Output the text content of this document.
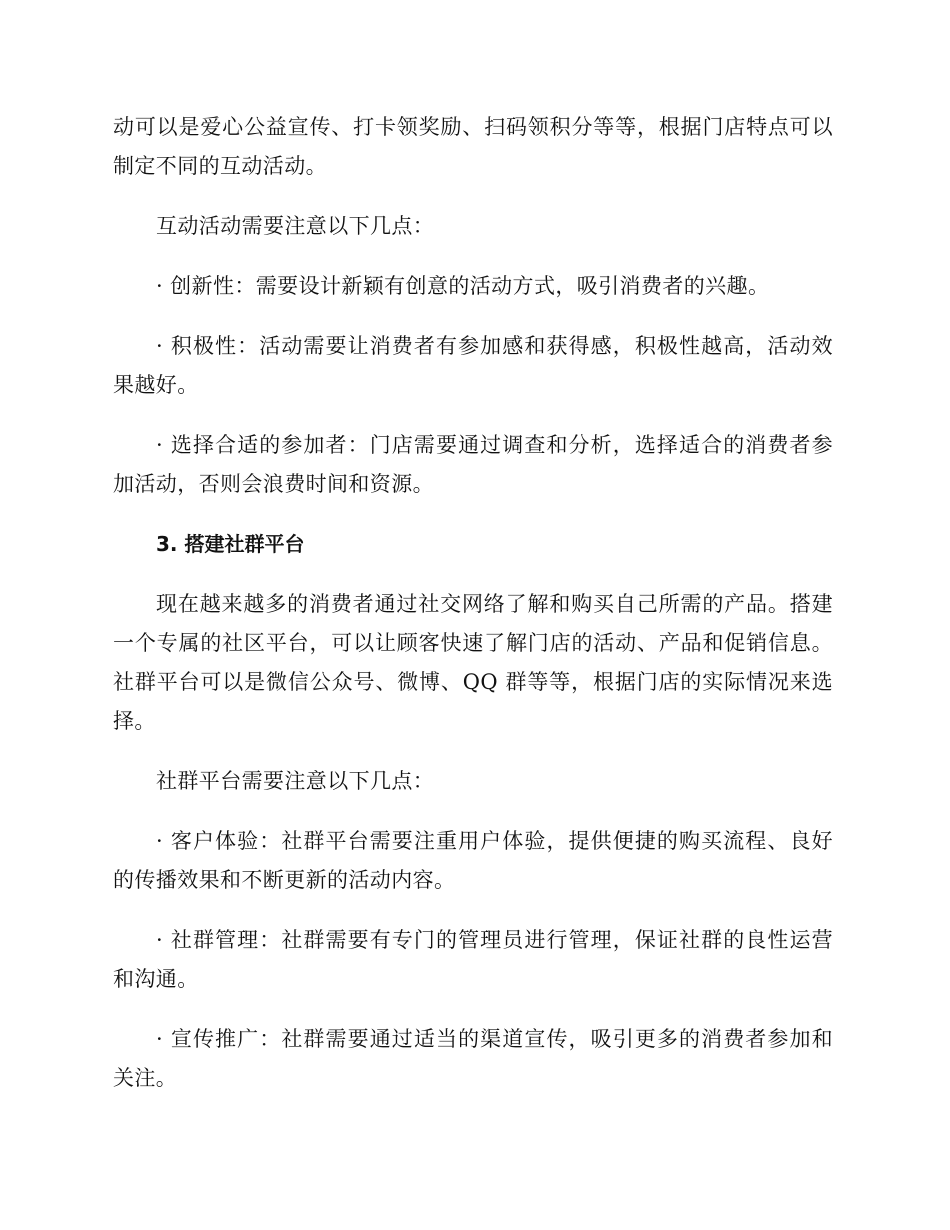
动可以是爱心公益宣传、打卡领奖励、扫码领积分等等，根据门店特点可以制定不同的互动活动。

互动活动需要注意以下几点：

· 创新性：需要设计新颖有创意的活动方式，吸引消费者的兴趣。

· 积极性：活动需要让消费者有参加感和获得感，积极性越高，活动效果越好。

· 选择合适的参加者：门店需要通过调查和分析，选择适合的消费者参加活动，否则会浪费时间和资源。

3. 搭建社群平台

现在越来越多的消费者通过社交网络了解和购买自己所需的产品。搭建一个专属的社区平台，可以让顾客快速了解门店的活动、产品和促销信息。社群平台可以是微信公众号、微博、QQ 群等等，根据门店的实际情况来选择。

社群平台需要注意以下几点：

· 客户体验：社群平台需要注重用户体验，提供便捷的购买流程、良好的传播效果和不断更新的活动内容。

· 社群管理：社群需要有专门的管理员进行管理，保证社群的良性运营和沟通。

· 宣传推广：社群需要通过适当的渠道宣传，吸引更多的消费者参加和关注。
